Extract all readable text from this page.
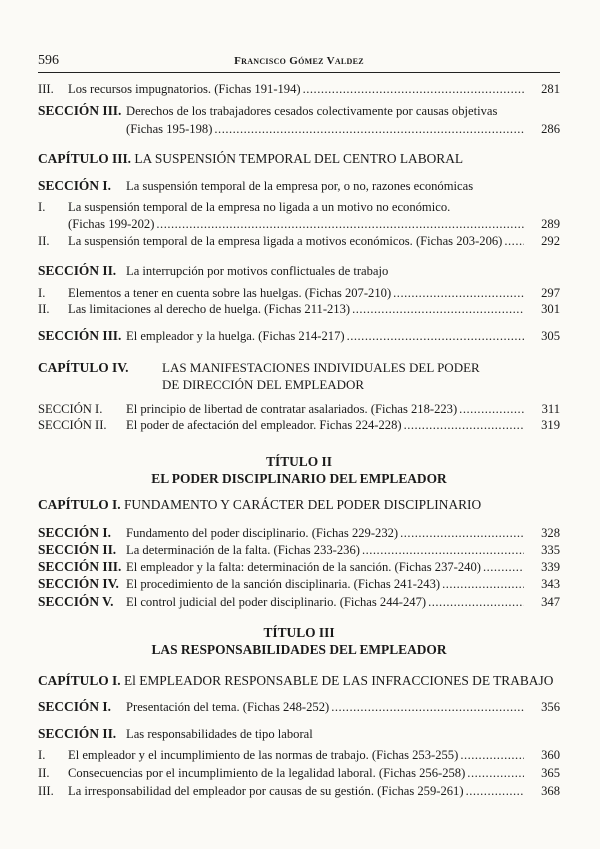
596	Francisco Gómez Valdez
III. Los recursos impugnatorios. (Fichas 191-194) .....	281
SECCIÓN III. Derechos de los trabajadores cesados colectivamente por causas objetivas
(Fichas 195-198) .....	286
CAPÍTULO III. LA SUSPENSIÓN TEMPORAL DEL CENTRO LABORAL
SECCIÓN I. La suspensión temporal de la empresa por, o no, razones económicas
I. La suspensión temporal de la empresa no ligada a un motivo no económico.
(Fichas 199-202) .....	289
II. La suspensión temporal de la empresa ligada a motivos económicos. (Fichas 203-206) .....	292
SECCIÓN II. La interrupción por motivos conflictuales de trabajo
I. Elementos a tener en cuenta sobre las huelgas. (Fichas 207-210) .....	297
II. Las limitaciones al derecho de huelga. (Fichas 211-213) .....	301
SECCIÓN III. El empleador y la huelga. (Fichas 214-217) .....	305
CAPÍTULO IV.	LAS MANIFESTACIONES INDIVIDUALES DEL PODER
DE DIRECCIÓN DEL EMPLEADOR
SECCIÓN I. El principio de libertad de contratar asalariados. (Fichas 218-223) .....	311
SECCIÓN II. El poder de afectación del empleador. Fichas 224-228) .....	319
TÍTULO II
EL PODER DISCIPLINARIO DEL EMPLEADOR
CAPÍTULO I. FUNDAMENTO Y CARÁCTER DEL PODER DISCIPLINARIO
SECCIÓN I. Fundamento del poder disciplinario. (Fichas 229-232) .....	328
SECCIÓN II. La determinación de la falta. (Fichas 233-236) .....	335
SECCIÓN III. El empleador y la falta: determinación de la sanción. (Fichas 237-240) .....	339
SECCIÓN IV. El procedimiento de la sanción disciplinaria. (Fichas 241-243) .....	343
SECCIÓN V. El control judicial del poder disciplinario. (Fichas 244-247) .....	347
TÍTULO III
LAS RESPONSABILIDADES DEL EMPLEADOR
CAPÍTULO I. El EMPLEADOR RESPONSABLE DE LAS INFRACCIONES DE TRABAJO
SECCIÓN I. Presentación del tema. (Fichas 248-252) .....	356
SECCIÓN II. Las responsabilidades de tipo laboral
I. El empleador y el incumplimiento de las normas de trabajo. (Fichas 253-255) .....	360
II. Consecuencias por el incumplimiento de la legalidad laboral. (Fichas 256-258) .....	365
III. La irresponsabilidad del empleador por causas de su gestión. (Fichas 259-261) .....	368
